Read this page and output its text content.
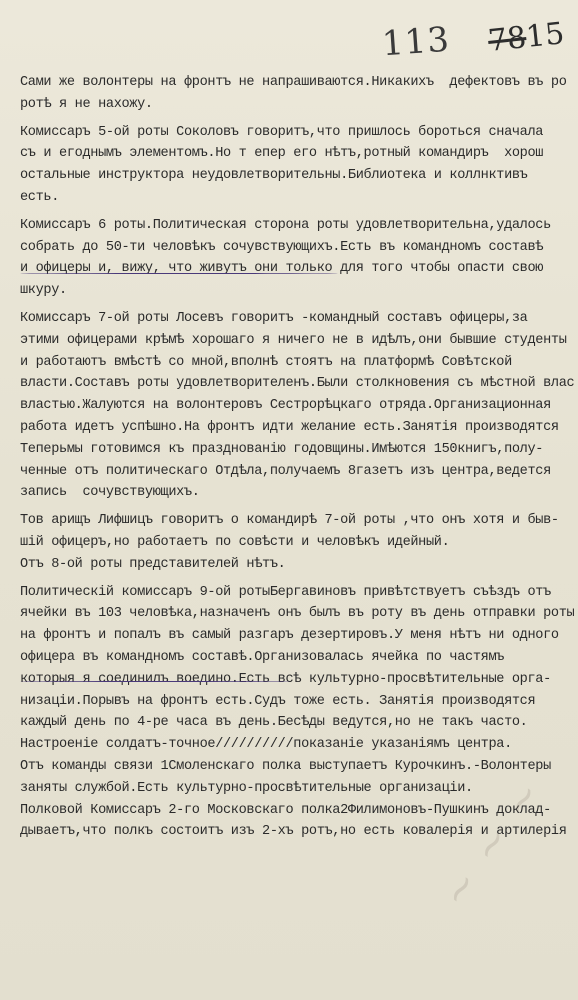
113 7815
Сами же волонтеры на фронтъ не напрашиваются.Никакихъ  дефектовъ въ ро
ротѣ я не нахожу.
Комиссаръ 5-ой роты Соколовъ говоритъ,что пришлось бороться сначала
съ и егоднымъ элементомъ.Но т епер его нѣтъ,ротный командиръ  хорош
остальные инструктора неудовлетворительны.Библиотека и коллнктивъ
есть.
Комиссаръ 6 роты.Политическая сторона роты удовлетворительна,удалось
собрать до 50-ти человѣкъ сочувствующихъ.Есть въ командномъ составѣ
и офицеры и, вижу, что живутъ они только для того чтобы опасти свою
шкуру.
Комиссаръ 7-ой роты Лосевъ говоритъ -командный составъ офицеры,за
этими офицерами крѣмѣ хорошаго я ничего не в идѣлъ,они бывшие студенты
и работаютъ вмѣстѣ со мной,вполнѣ стоятъ на платформѣ Совѣтской
власти.Составъ роты удовлетворителенъ.Были столкновения съ мѣстной влас
властью.Жалуются на волонтеровъ Сестрорѣцкаго отряда.Организационная
работа идетъ успѣшно.На фронтъ идти желание есть.Занятія производятся
Теперьмы готовимся къ празднованію годовщины.Имѣются 150книгъ,полу-
ченные отъ политическаго Отдѣла,получаемъ 8газетъ изъ центра,ведется
запись  сочувствующихъ.
Тов арищъ Лифшицъ говоритъ о командирѣ 7-ой роты ,что онъ хотя и быв-
шій офицеръ,но работаетъ по совѣсти и человѣкъ идейный.
Отъ 8-ой роты представителей нѣтъ.
Политическій комиссаръ 9-ой ротыБергавиновъ привѣтствуетъ съѣздъ отъ
ячейки въ 103 человѣка,назначенъ онъ былъ въ роту въ день отправки роты
на фронтъ и попалъ въ самый разгаръ дезертировъ.У меня нѣтъ ни одного
офицера въ командномъ составѣ.Организовалась ячейка по частямъ
которыя я соединилъ воедино.Есть всѣ культурно-просвѣтительные орга-
низаціи.Порывъ на фронтъ есть.Судъ тоже есть. Занятія производятся
каждый день по 4-ре часа въ день.Бесѣды ведутся,но не такъ часто.
Настроеніе солдатъ-точное//////////показаніе указаніямъ центра.
Отъ команды связи 1Смоленскаго полка выступаетъ Курочкинъ.-Волонтеры
заняты службой.Есть культурно-просвѣтительные организаціи.
Полковой Комиссаръ 2-го Московскаго полка2Филимоновъ-Пушкинъ доклад-
дываетъ,что полкъ состоитъ изъ 2-хъ ротъ,но есть ковалерія и артилерія
~ ~ ~
